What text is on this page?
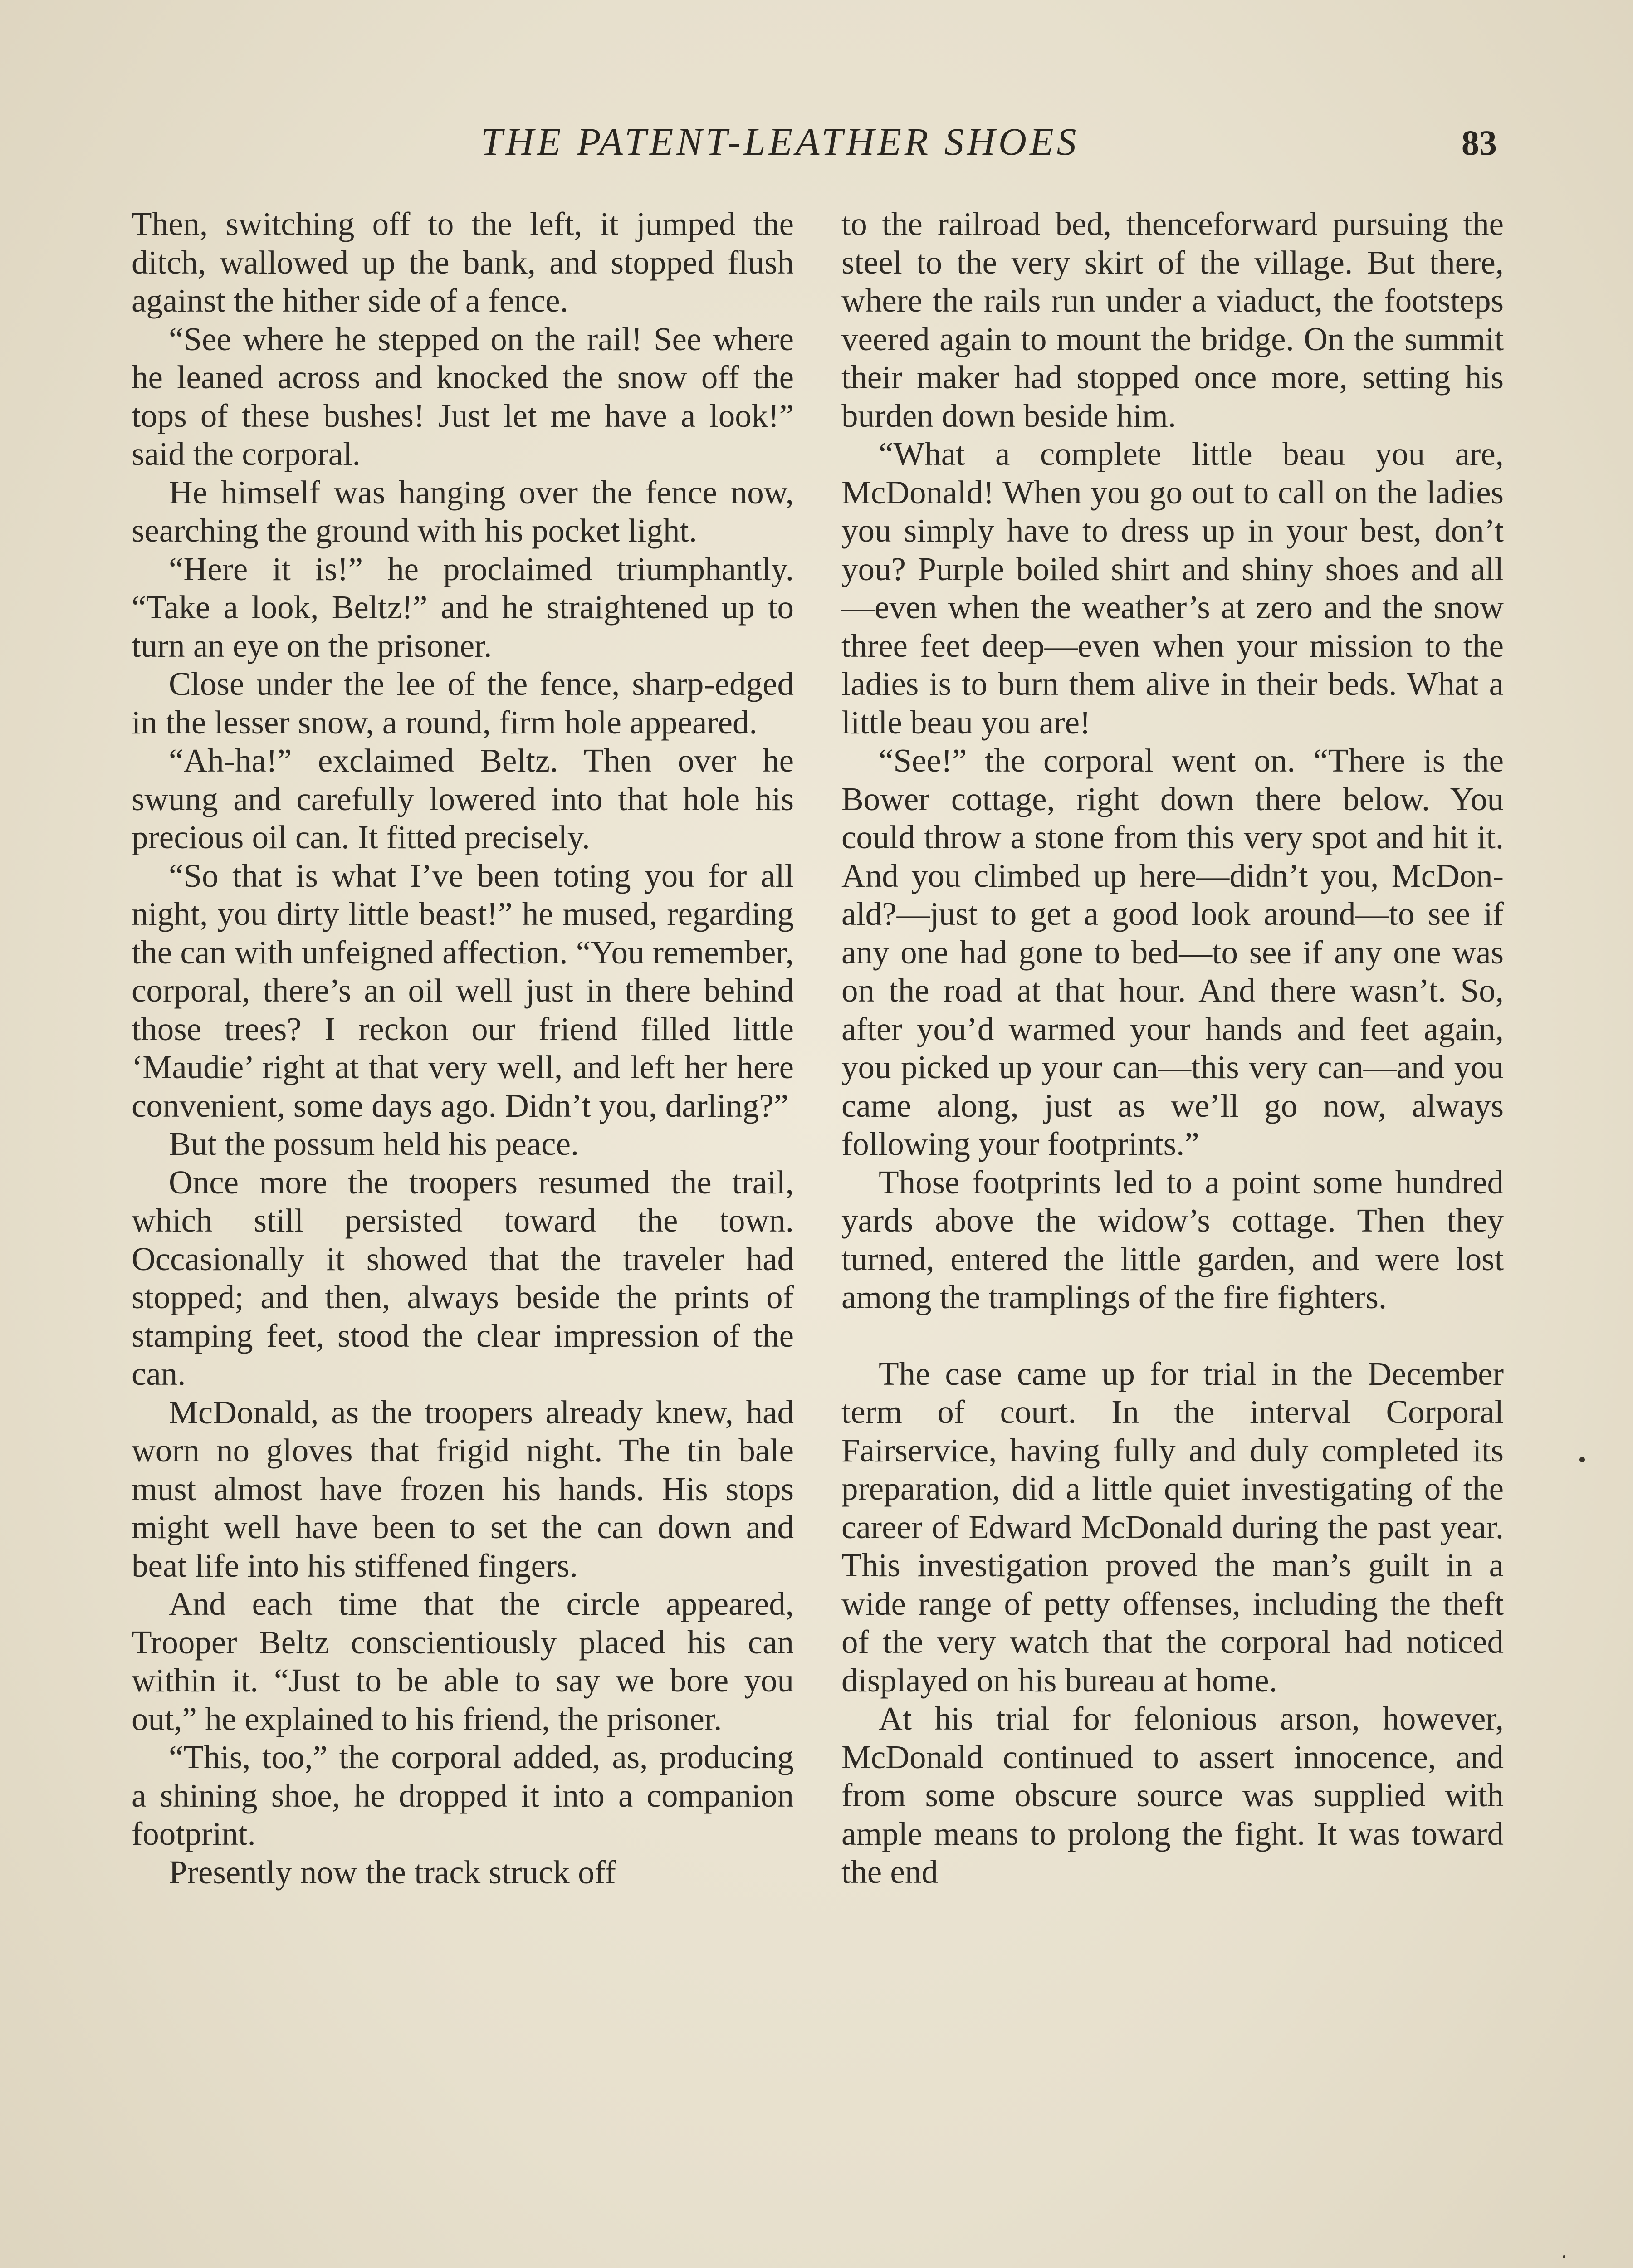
THE PATENT-LEATHER SHOES	83

Then, switching off to the left, it jumped the ditch, wallowed up the bank, and stopped flush against the hither side of a fence.

“See where he stepped on the rail! See where he leaned across and knocked the snow off the tops of these bushes! Just let me have a look!” said the corporal.

He himself was hanging over the fence now, searching the ground with his pocket light.

“Here it is!” he proclaimed triumphantly. “Take a look, Beltz!” and he straightened up to turn an eye on the prisoner.

Close under the lee of the fence, sharp-edged in the lesser snow, a round, firm hole appeared.

“Ah-ha!” exclaimed Beltz. Then over he swung and carefully lowered into that hole his precious oil can. It fitted precisely.

“So that is what I’ve been toting you for all night, you dirty little beast!” he mused, regarding the can with unfeigned affection. “You remember, corporal, there’s an oil well just in there behind those trees? I reckon our friend filled little ‘Maudie’ right at that very well, and left her here convenient, some days ago. Didn’t you, darling?”

But the possum held his peace.

Once more the troopers resumed the trail, which still persisted toward the town. Occasionally it showed that the traveler had stopped; and then, always beside the prints of stamping feet, stood the clear impression of the can.

McDonald, as the troopers already knew, had worn no gloves that frigid night. The tin bale must almost have frozen his hands. His stops might well have been to set the can down and beat life into his stiffened fingers.

And each time that the circle appeared, Trooper Beltz conscientiously placed his can within it. “Just to be able to say we bore you out,” he explained to his friend, the prisoner.

“This, too,” the corporal added, as, producing a shining shoe, he dropped it into a companion footprint.

Presently now the track struck off

to the railroad bed, thenceforward pursuing the steel to the very skirt of the village. But there, where the rails run under a viaduct, the footsteps veered again to mount the bridge. On the summit their maker had stopped once more, setting his burden down beside him.

“What a complete little beau you are, McDonald! When you go out to call on the ladies you simply have to dress up in your best, don’t you? Purple boiled shirt and shiny shoes and all—even when the weather’s at zero and the snow three feet deep—even when your mission to the ladies is to burn them alive in their beds. What a little beau you are!

“See!” the corporal went on. “There is the Bower cottage, right down there below. You could throw a stone from this very spot and hit it. And you climbed up here—didn’t you, McDonald?—just to get a good look around—to see if any one had gone to bed—to see if any one was on the road at that hour. And there wasn’t. So, after you’d warmed your hands and feet again, you picked up your can—this very can—and you came along, just as we’ll go now, always following your footprints.”

Those footprints led to a point some hundred yards above the widow’s cottage. Then they turned, entered the little garden, and were lost among the tramplings of the fire fighters.

The case came up for trial in the December term of court. In the interval Corporal Fairservice, having fully and duly completed its preparation, did a little quiet investigating of the career of Edward McDonald during the past year. This investigation proved the man’s guilt in a wide range of petty offenses, including the theft of the very watch that the corporal had noticed displayed on his bureau at home.

At his trial for felonious arson, however, McDonald continued to assert innocence, and from some obscure source was supplied with ample means to prolong the fight. It was toward the end
